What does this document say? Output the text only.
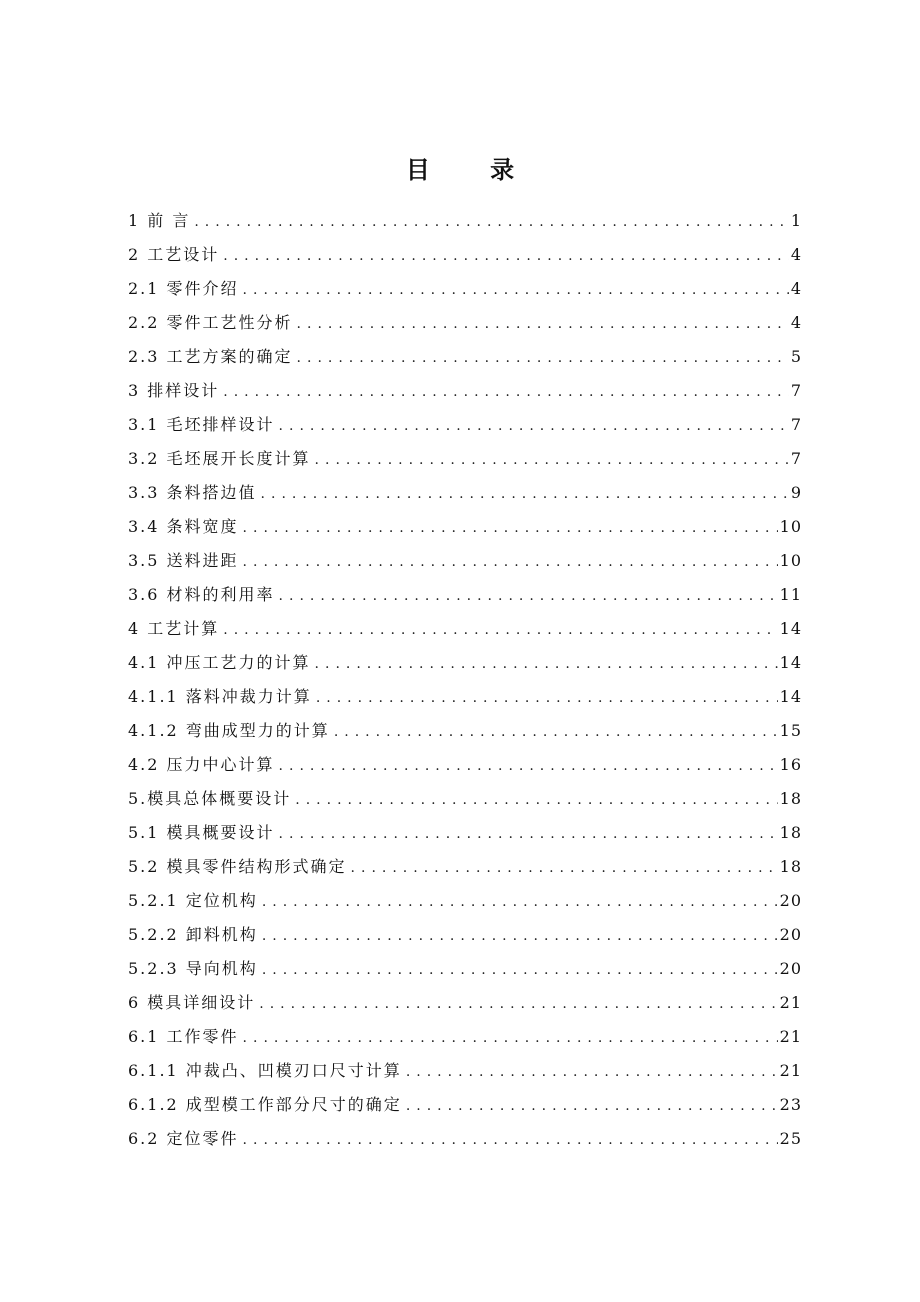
目 录
1 前 言 .....	1
2 工艺设计 .....	4
2.1 零件介绍 .....	4
2.2 零件工艺性分析 .....	4
2.3 工艺方案的确定 .....	5
3 排样设计 .....	7
3.1 毛坯排样设计 .....	7
3.2 毛坯展开长度计算 .....	7
3.3 条料搭边值 .....	9
3.4 条料宽度 .....	10
3.5 送料进距 .....	10
3.6 材料的利用率 .....	11
4 工艺计算 .....	14
4.1 冲压工艺力的计算 .....	14
4.1.1 落料冲裁力计算 .....	14
4.1.2 弯曲成型力的计算 .....	15
4.2 压力中心计算 .....	16
5.模具总体概要设计 .....	18
5.1 模具概要设计 .....	18
5.2 模具零件结构形式确定 .....	18
5.2.1 定位机构 .....	20
5.2.2 卸料机构 .....	20
5.2.3 导向机构 .....	20
6 模具详细设计 .....	21
6.1 工作零件 .....	21
6.1.1 冲裁凸、凹模刃口尺寸计算 .....	21
6.1.2 成型模工作部分尺寸的确定 .....	23
6.2 定位零件 .....	25
